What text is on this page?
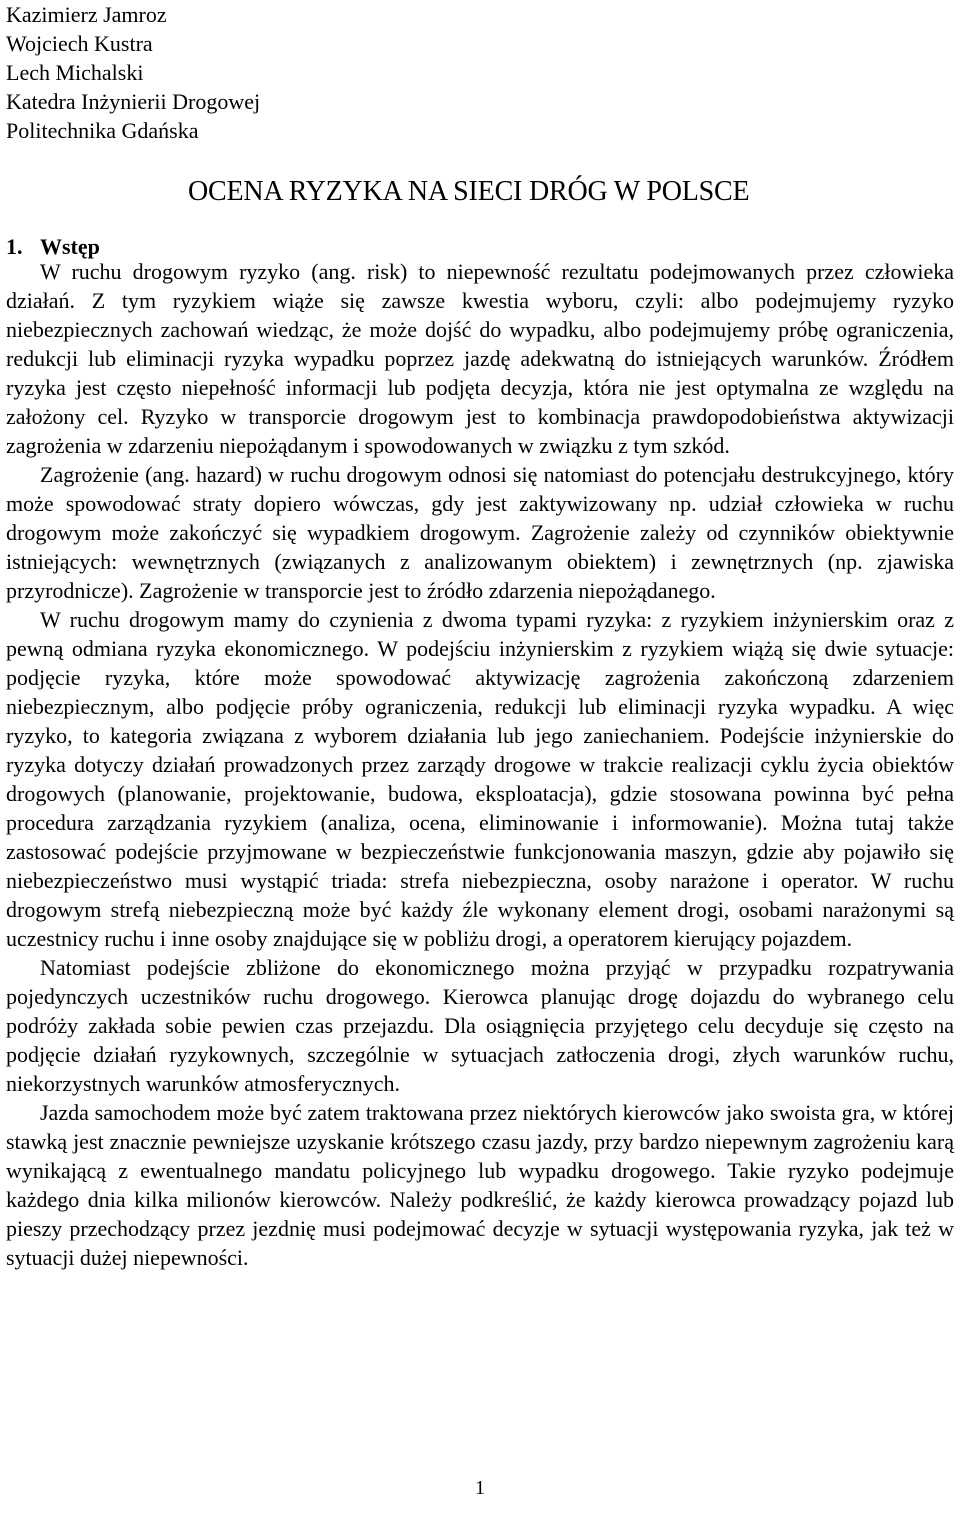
Kazimierz Jamroz
Wojciech Kustra
Lech Michalski
Katedra Inżynierii Drogowej
Politechnika Gdańska
OCENA RYZYKA NA SIECI DRÓG W POLSCE
1. Wstęp

W ruchu drogowym ryzyko (ang. risk) to niepewność rezultatu podejmowanych przez człowieka działań. Z tym ryzykiem wiąże się zawsze kwestia wyboru, czyli: albo podejmujemy ryzyko niebezpiecznych zachowań wiedząc, że może dojść do wypadku, albo podejmujemy próbę ograniczenia, redukcji lub eliminacji ryzyka wypadku poprzez jazdę adekwatną do istniejących warunków. Źródłem ryzyka jest często niepełność informacji lub podjęta decyzja, która nie jest optymalna ze względu na założony cel. Ryzyko w transporcie drogowym jest to kombinacja prawdopodobieństwa aktywizacji zagrożenia w zdarzeniu niepożądanym i spowodowanych w związku z tym szkód.

Zagrożenie (ang. hazard) w ruchu drogowym odnosi się natomiast do potencjału destrukcyjnego, który może spowodować straty dopiero wówczas, gdy jest zaktywizowany np. udział człowieka w ruchu drogowym może zakończyć się wypadkiem drogowym. Zagrożenie zależy od czynników obiektywnie istniejących: wewnętrznych (związanych z analizowanym obiektem) i zewnętrznych (np. zjawiska przyrodnicze). Zagrożenie w transporcie jest to źródło zdarzenia niepożądanego.

W ruchu drogowym mamy do czynienia z dwoma typami ryzyka: z ryzykiem inżynierskim oraz z pewną odmiana ryzyka ekonomicznego. W podejściu inżynierskim z ryzykiem wiążą się dwie sytuacje: podjęcie ryzyka, które może spowodować aktywizację zagrożenia zakończoną zdarzeniem niebezpiecznym, albo podjęcie próby ograniczenia, redukcji lub eliminacji ryzyka wypadku. A więc ryzyko, to kategoria związana z wyborem działania lub jego zaniechaniem. Podejście inżynierskie do ryzyka dotyczy działań prowadzonych przez zarządy drogowe w trakcie realizacji cyklu życia obiektów drogowych (planowanie, projektowanie, budowa, eksploatacja), gdzie stosowana powinna być pełna procedura zarządzania ryzykiem (analiza, ocena, eliminowanie i informowanie). Można tutaj także zastosować podejście przyjmowane w bezpieczeństwie funkcjonowania maszyn, gdzie aby pojawiło się niebezpieczeństwo musi wystąpić triada: strefa niebezpieczna, osoby narażone i operator. W ruchu drogowym strefą niebezpieczną może być każdy źle wykonany element drogi, osobami narażonymi są uczestnicy ruchu i inne osoby znajdujące się w pobliżu drogi, a operatorem kierujący pojazdem.

Natomiast podejście zbliżone do ekonomicznego można przyjąć w przypadku rozpatrywania pojedynczych uczestników ruchu drogowego. Kierowca planując drogę dojazdu do wybranego celu podróży zakłada sobie pewien czas przejazdu. Dla osiągnięcia przyjętego celu decyduje się często na podjęcie działań ryzykownych, szczególnie w sytuacjach zatłoczenia drogi, złych warunków ruchu, niekorzystnych warunków atmosferycznych.

Jazda samochodem może być zatem traktowana przez niektórych kierowców jako swoista gra, w której stawką jest znacznie pewniejsze uzyskanie krótszego czasu jazdy, przy bardzo niepewnym zagrożeniu karą wynikającą z ewentualnego mandatu policyjnego lub wypadku drogowego. Takie ryzyko podejmuje każdego dnia kilka milionów kierowców. Należy podkreślić, że każdy kierowca prowadzący pojazd lub pieszy przechodzący przez jezdnię musi podejmować decyzje w sytuacji występowania ryzyka, jak też w sytuacji dużej niepewności.

1
